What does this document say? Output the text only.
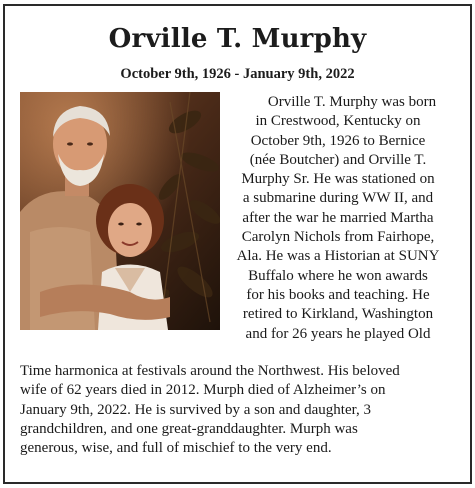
Orville T. Murphy
October 9th, 1926 - January 9th, 2022
Orville T. Murphy was born
in Crestwood, Kentucky on
October 9th, 1926 to Bernice
(née Boutcher) and Orville T.
Murphy Sr. He was stationed on
a submarine during WW II, and
after the war he married Martha
Carolyn Nichols from Fairhope,
Ala. He was a Historian at SUNY
Buffalo where he won awards
for his books and teaching. He
retired to Kirkland, Washington
and for 26 years he played Old
Time harmonica at festivals around the Northwest. His beloved
wife of 62 years died in 2012. Murph died of Alzheimer’s on
January 9th, 2022. He is survived by a son and daughter, 3
grandchildren, and one great-granddaughter. Murph was
generous, wise, and full of mischief to the very end.
